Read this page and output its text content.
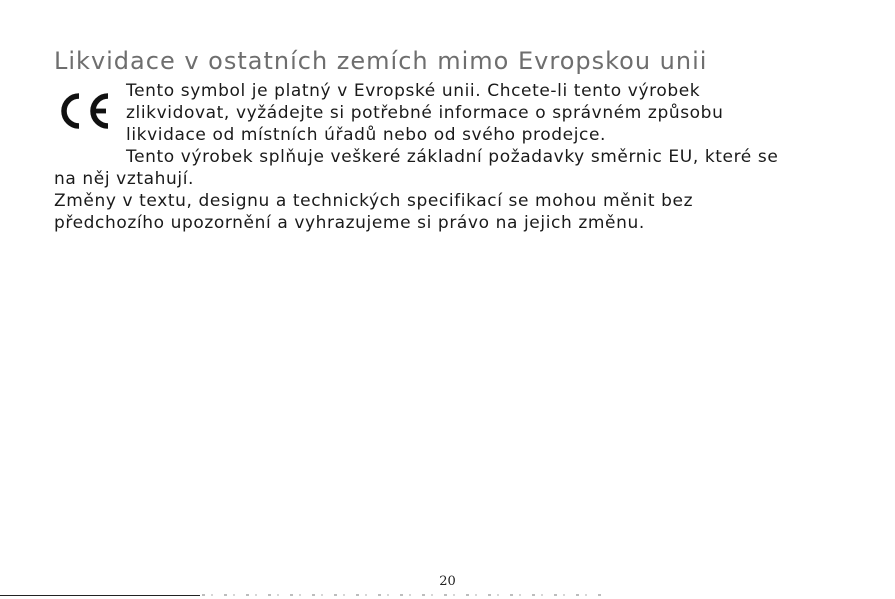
Likvidace v ostatních zemích mimo Evropskou unii
Tento symbol je platný v Evropské unii. Chcete-li tento výrobek
zlikvidovat, vyžádejte si potřebné informace o správném způsobu
likvidace od místních úřadů nebo od svého prodejce.
Tento výrobek splňuje veškeré základní požadavky směrnic EU, které se
na něj vztahují.
Změny v textu, designu a technických specifikací se mohou měnit bez
předchozího upozornění a vyhrazujeme si právo na jejich změnu.
20
